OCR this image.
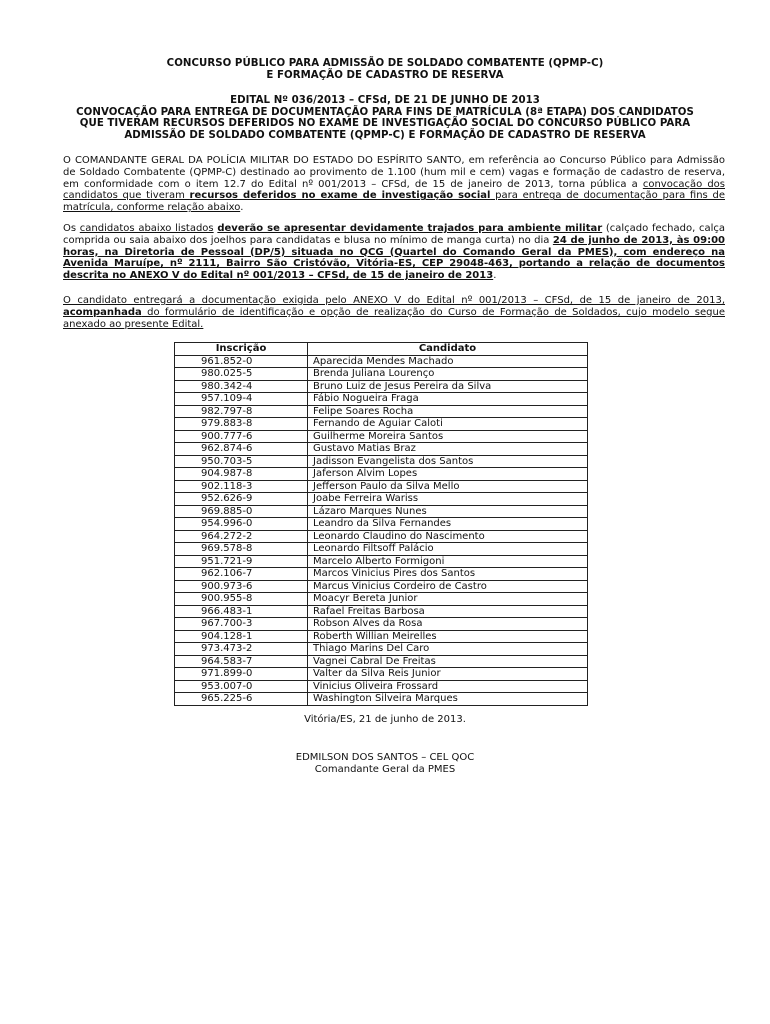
CONCURSO PÚBLICO PARA ADMISSÃO DE SOLDADO COMBATENTE (QPMP-C)
E FORMAÇÃO DE CADASTRO DE RESERVA
EDITAL Nº 036/2013 – CFSd, DE 21 DE JUNHO DE 2013
CONVOCAÇÃO PARA ENTREGA DE DOCUMENTAÇÃO PARA FINS DE MATRÍCULA (8ª ETAPA) DOS CANDIDATOS
QUE TIVERAM RECURSOS DEFERIDOS NO EXAME DE INVESTIGAÇÃO SOCIAL DO CONCURSO PÚBLICO PARA
ADMISSÃO DE SOLDADO COMBATENTE (QPMP-C) E FORMAÇÃO DE CADASTRO DE RESERVA
O COMANDANTE GERAL DA POLÍCIA MILITAR DO ESTADO DO ESPÍRITO SANTO, em referência ao Concurso Público para Admissão de Soldado Combatente (QPMP-C) destinado ao provimento de 1.100 (hum mil e cem) vagas e formação de cadastro de reserva, em conformidade com o item 12.7 do Edital nº 001/2013 – CFSd, de 15 de janeiro de 2013, torna pública a convocação dos candidatos que tiveram recursos deferidos no exame de investigação social para entrega de documentação para fins de matrícula, conforme relação abaixo.
Os candidatos abaixo listados deverão se apresentar devidamente trajados para ambiente militar (calçado fechado, calça comprida ou saia abaixo dos joelhos para candidatas e blusa no mínimo de manga curta) no dia 24 de junho de 2013, às 09:00 horas, na Diretoria de Pessoal (DP/5) situada no QCG (Quartel do Comando Geral da PMES), com endereço na Avenida Maruípe, nº 2111, Bairro São Cristóvão, Vitória-ES, CEP 29048-463, portando a relação de documentos descrita no ANEXO V do Edital nº 001/2013 – CFSd, de 15 de janeiro de 2013.
O candidato entregará a documentação exigida pelo ANEXO V do Edital nº 001/2013 – CFSd, de 15 de janeiro de 2013, acompanhada do formulário de identificação e opção de realização do Curso de Formação de Soldados, cujo modelo segue anexado ao presente Edital.
Inscrição	Candidato
961.852-0	Aparecida Mendes Machado
980.025-5	Brenda Juliana Lourenço
980.342-4	Bruno Luiz de Jesus Pereira da Silva
957.109-4	Fábio Nogueira Fraga
982.797-8	Felipe Soares Rocha
979.883-8	Fernando de Aguiar Caloti
900.777-6	Guilherme Moreira Santos
962.874-6	Gustavo Matias Braz
950.703-5	Jadisson Evangelista dos Santos
904.987-8	Jaferson Alvim Lopes
902.118-3	Jefferson Paulo da Silva Mello
952.626-9	Joabe Ferreira Wariss
969.885-0	Lázaro Marques Nunes
954.996-0	Leandro da Silva Fernandes
964.272-2	Leonardo Claudino do Nascimento
969.578-8	Leonardo Filtsoff Palácio
951.721-9	Marcelo Alberto Formigoni
962.106-7	Marcos Vinicius Pires dos Santos
900.973-6	Marcus Vinicius Cordeiro de Castro
900.955-8	Moacyr Bereta Junior
966.483-1	Rafael Freitas Barbosa
967.700-3	Robson Alves da Rosa
904.128-1	Roberth Willian Meirelles
973.473-2	Thiago Marins Del Caro
964.583-7	Vagnei Cabral De Freitas
971.899-0	Valter da Silva Reis Junior
953.007-0	Vinicius Oliveira Frossard
965.225-6	Washington Silveira Marques
Vitória/ES, 21 de junho de 2013.
EDMILSON DOS SANTOS – CEL QOC
Comandante Geral da PMES
